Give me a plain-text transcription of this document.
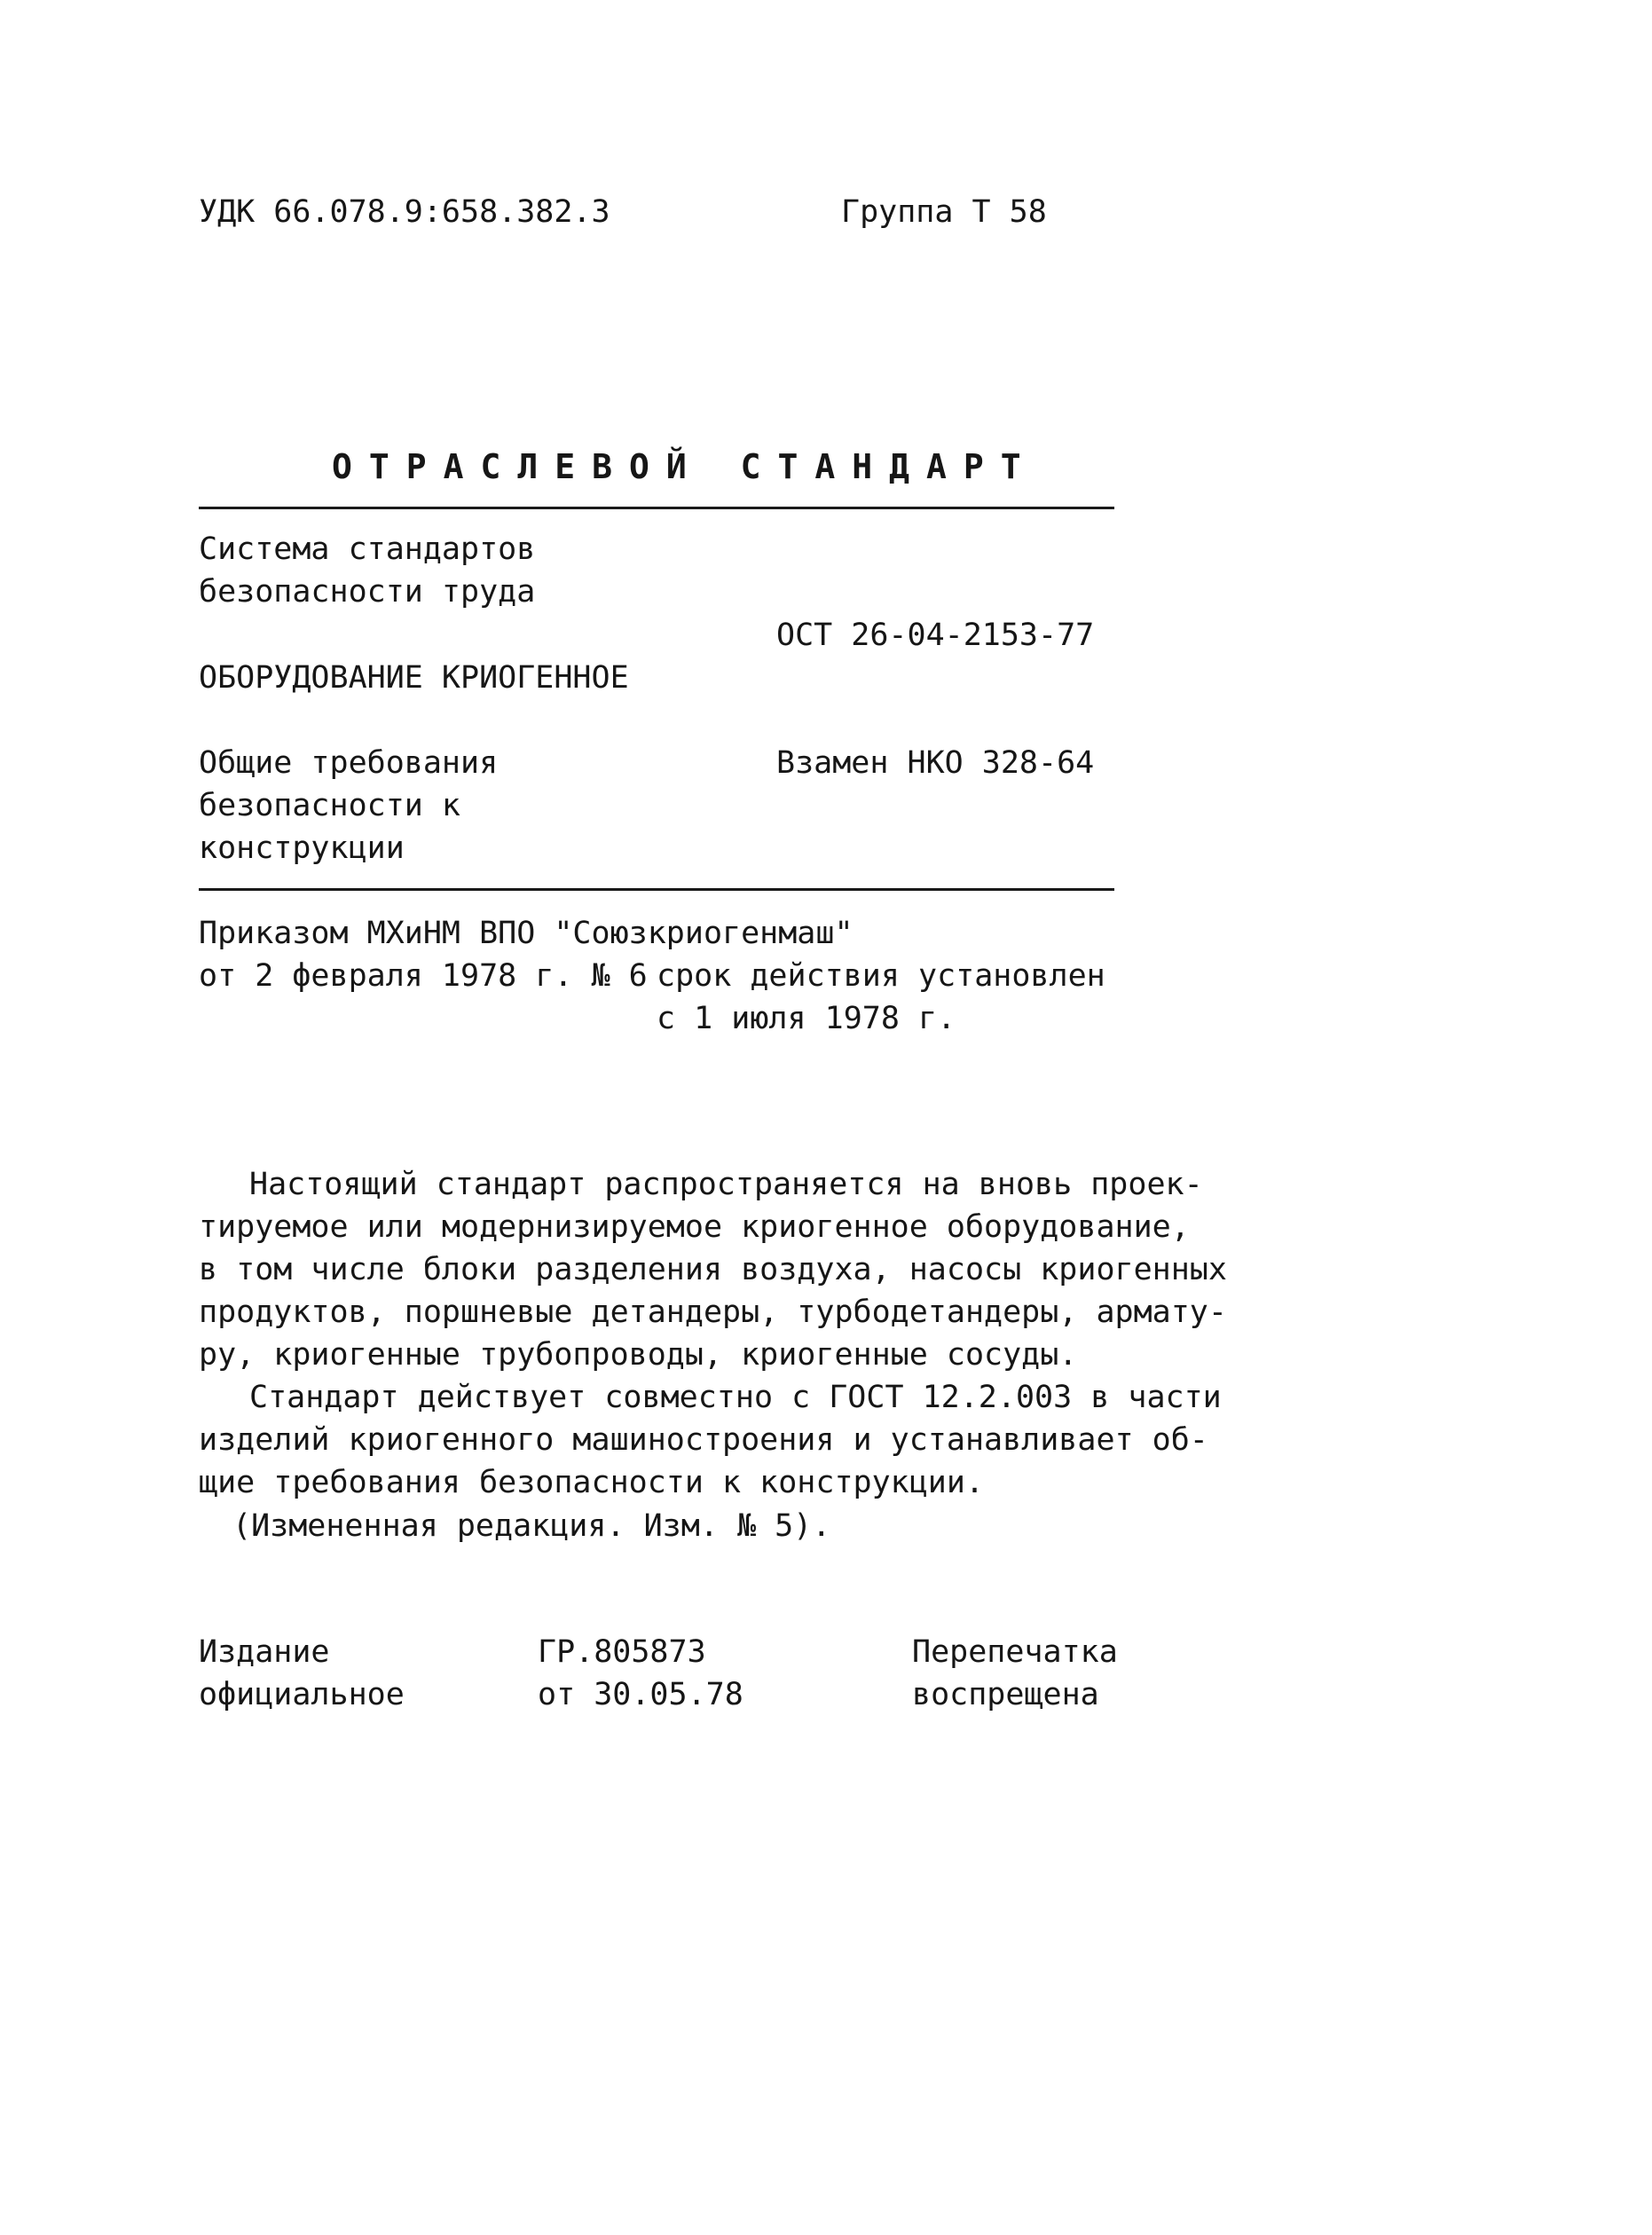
УДК 66.078.9:658.382.3	Группа Т 58
ОТРАСЛЕВОЙ СТАНДАРТ
Система стандартов
безопасности труда
ОСТ 26-04-2153-77
ОБОРУДОВАНИЕ КРИОГЕННОЕ
Общие требования	Взамен НКО 328-64
безопасности к
конструкции
Приказом МХиНМ ВПО "Союзкриогенмаш"
от 2 февраля 1978 г. № 6 срок действия установлен
с 1 июля 1978 г.
Настоящий стандарт распространяется на вновь проек-
тируемое или модернизируемое криогенное оборудование,
в том числе блоки разделения воздуха, насосы криогенных
продуктов, поршневые детандеры, турбодетандеры, армату-
ру, криогенные трубопроводы, криогенные сосуды.
Стандарт действует совместно с ГОСТ 12.2.003 в части
изделий криогенного машиностроения и устанавливает об-
щие требования безопасности к конструкции.
(Измененная редакция. Изм. № 5).
Издание
официальное
ГР.805873
от 30.05.78
Перепечатка
воспрещена
